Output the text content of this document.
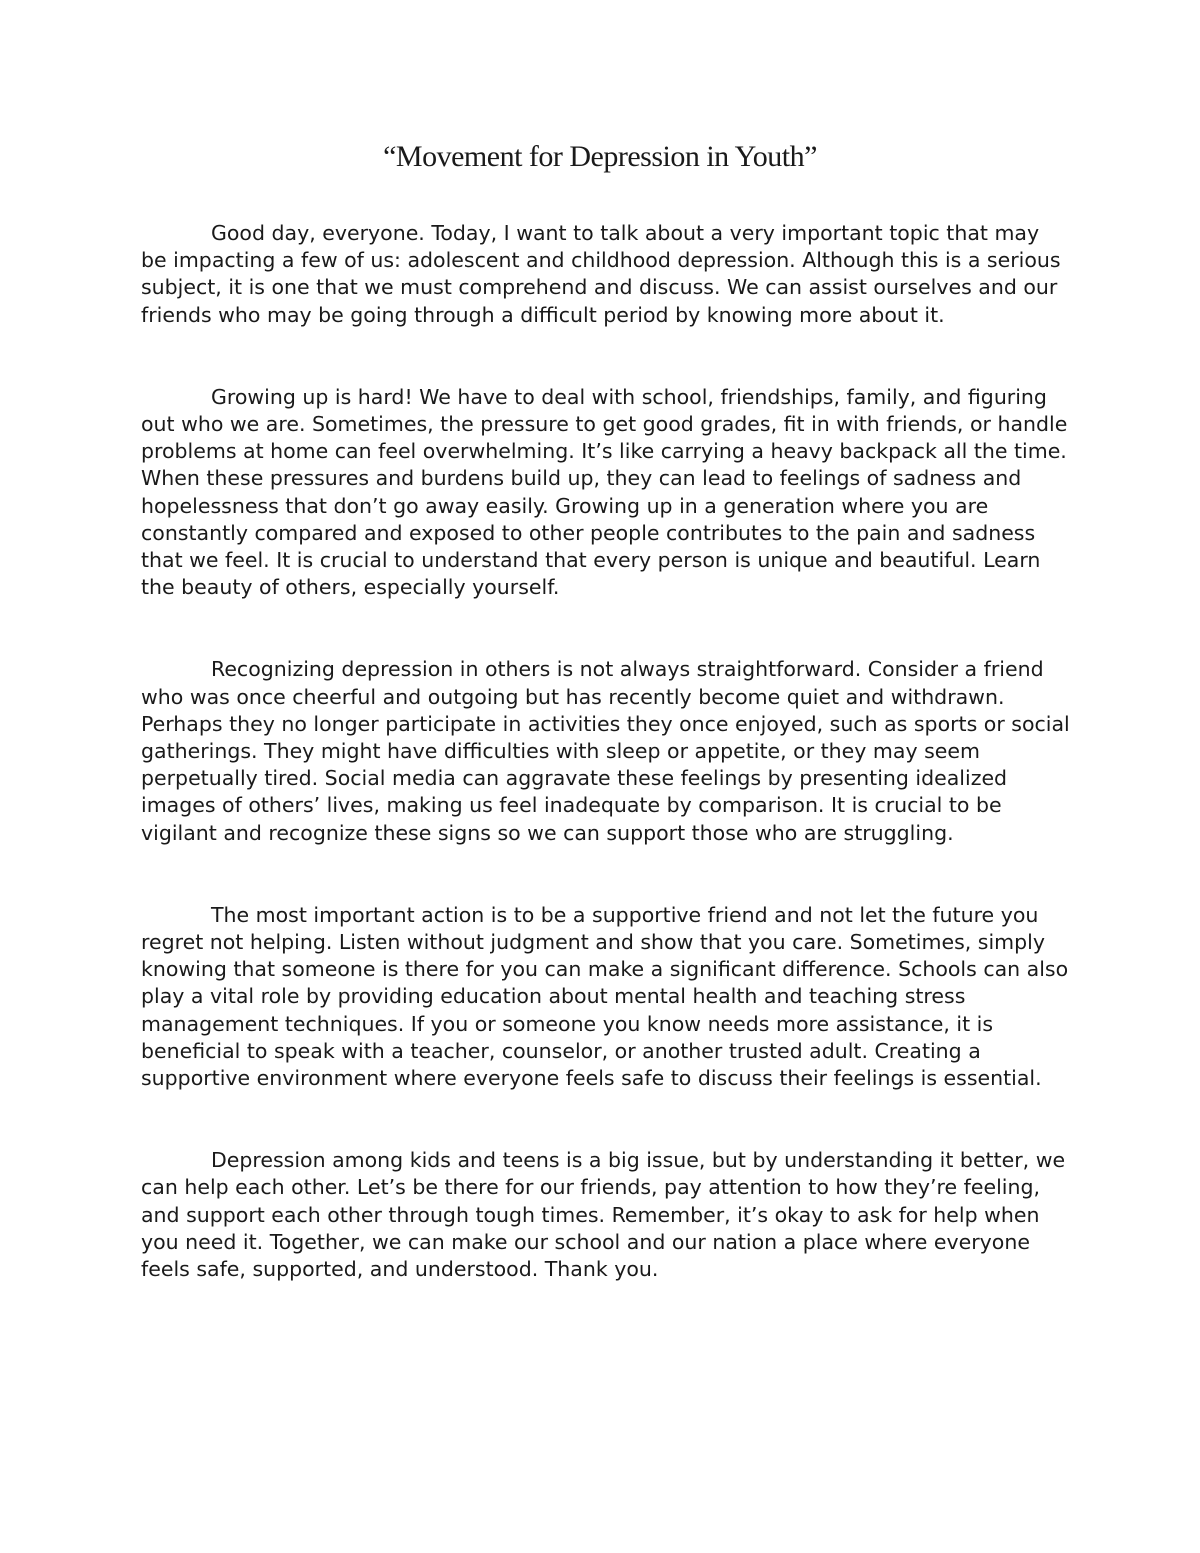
“Movement for Depression in Youth”

Good day, everyone. Today, I want to talk about a very important topic that may be impacting a few of us: adolescent and childhood depression. Although this is a serious subject, it is one that we must comprehend and discuss. We can assist ourselves and our friends who may be going through a difficult period by knowing more about it.

Growing up is hard! We have to deal with school, friendships, family, and figuring out who we are. Sometimes, the pressure to get good grades, fit in with friends, or handle problems at home can feel overwhelming. It’s like carrying a heavy backpack all the time. When these pressures and burdens build up, they can lead to feelings of sadness and hopelessness that don’t go away easily. Growing up in a generation where you are constantly compared and exposed to other people contributes to the pain and sadness that we feel. It is crucial to understand that every person is unique and beautiful. Learn the beauty of others, especially yourself.

Recognizing depression in others is not always straightforward. Consider a friend who was once cheerful and outgoing but has recently become quiet and withdrawn. Perhaps they no longer participate in activities they once enjoyed, such as sports or social gatherings. They might have difficulties with sleep or appetite, or they may seem perpetually tired. Social media can aggravate these feelings by presenting idealized images of others’ lives, making us feel inadequate by comparison. It is crucial to be vigilant and recognize these signs so we can support those who are struggling.

The most important action is to be a supportive friend and not let the future you regret not helping. Listen without judgment and show that you care. Sometimes, simply knowing that someone is there for you can make a significant difference. Schools can also play a vital role by providing education about mental health and teaching stress management techniques. If you or someone you know needs more assistance, it is beneficial to speak with a teacher, counselor, or another trusted adult. Creating a supportive environment where everyone feels safe to discuss their feelings is essential.

Depression among kids and teens is a big issue, but by understanding it better, we can help each other. Let’s be there for our friends, pay attention to how they’re feeling, and support each other through tough times. Remember, it’s okay to ask for help when you need it. Together, we can make our school and our nation a place where everyone feels safe, supported, and understood. Thank you.
